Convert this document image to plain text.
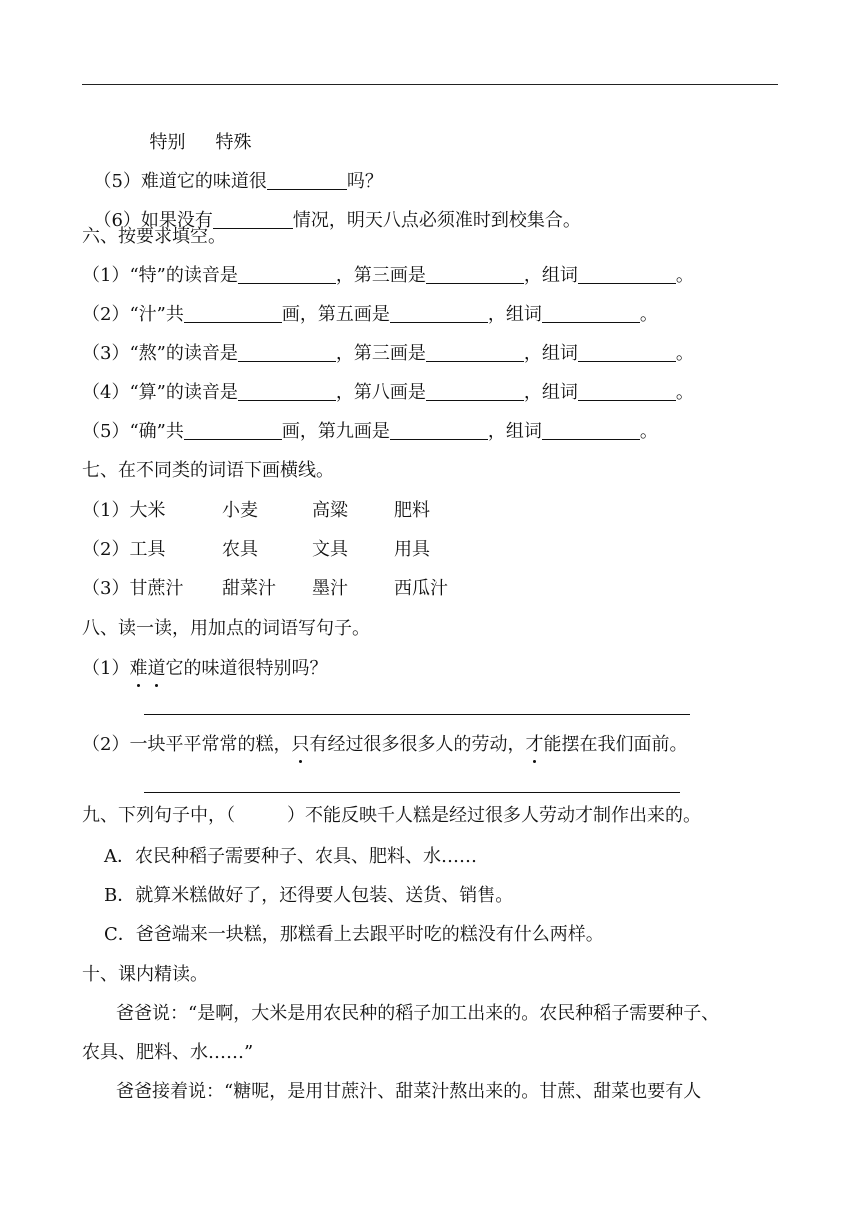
特别 特殊

（5）难道它的味道很	吗？

（6）如果没有	情况，明天八点必须准时到校集合。

六、按要求填空。
（1）“特”的读音是	，第三画是	，组词	。
（2）“汁”共	画，第五画是	，组词	。
（3）“熬”的读音是	，第三画是	，组词	。
（4）“算”的读音是	，第八画是	，组词	。
（5）“确”共	画，第九画是	，组词	。
七、在不同类的词语下画横线。
（1）大米	小麦	高粱	肥料
（2）工具	农具	文具	用具
（3）甘蔗汁 甜菜汁 墨汁	西瓜汁
八、读一读，用加点的词语写句子。
（1）难道它的味道很特别吗？
（2）一块平平常常的糕，只有经过很多很多人的劳动，才能摆在我们面前。
九、下列句子中，（	）不能反映千人糕是经过很多人劳动才制作出来的。
A．农民种稻子需要种子、农具、肥料、水……
B．就算米糕做好了，还得要人包装、送货、销售。
C．爸爸端来一块糕，那糕看上去跟平时吃的糕没有什么两样。
十、课内精读。
爸爸说：“是啊，大米是用农民种的稻子加工出来的。农民种稻子需要种子、
农具、肥料、水……”
爸爸接着说：“糖呢，是用甘蔗汁、甜菜汁熬出来的。甘蔗、甜菜也要有人
